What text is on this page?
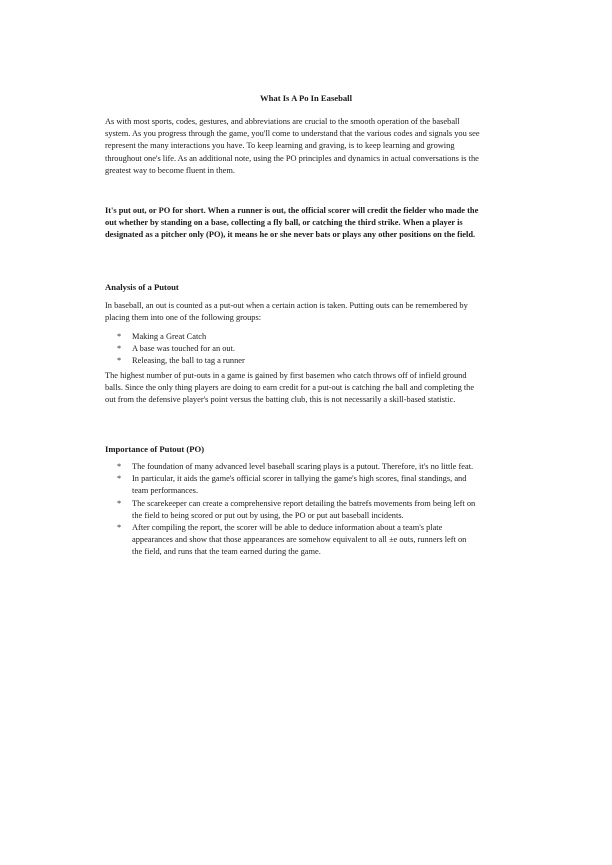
What Is A Po In Easeball

As with most sports, codes, gestures, and abbreviations are crucial to the smooth operation of the baseball system. As you progress through the game, you'll come to understand that the various codes and signals you see represent the many interactions you have. To keep learning and graving, is to keep learning and growing throughout one's life. As an additional note, using the PO principles and dynamics in actual conversations is the greatest way to become fluent in them.

It's put out, or PO for short. When a runner is out, the official scorer will credit the fielder who made the out whether by standing on a base, collecting a fly ball, or catching the third strike. When a player is designated as a pitcher only (PO), it means he or she never bats or plays any other positions on the field.

Analysis of a Putout

In baseball, an out is counted as a put-out when a certain action is taken. Putting outs can be remembered by placing them into one of the following groups:

* Making a Great Catch
* A base was touched for an out.
* Releasing, the ball to tag a runner

The highest number of put-outs in a game is gained by first basemen who catch throws off of infield ground balls. Since the only thing players are doing to earn credit for a put-out is catching rhe ball and completing the out from the defensive player's point versus the batting club, this is not necessarily a skill-based statistic.

Importance of Putout (PO)
* The foundation of many advanced level baseball scaring plays is a putout. Therefore, it's no little feat.
* In particular, it aids the game's official scorer in tallying the game's high scores, final standings, and team performances.
* The scarekeeper can create a comprehensive report detailing the batrefs movements from being left on the field to being scored or put out by using, the PO or put aut baseball incidents.
* After compiling the report, the scorer will be able to deduce information about a team's plate appearances and show that those appearances are somehow equivalent to all ±e outs, runners left on the field, and runs that the team earned during the game.
